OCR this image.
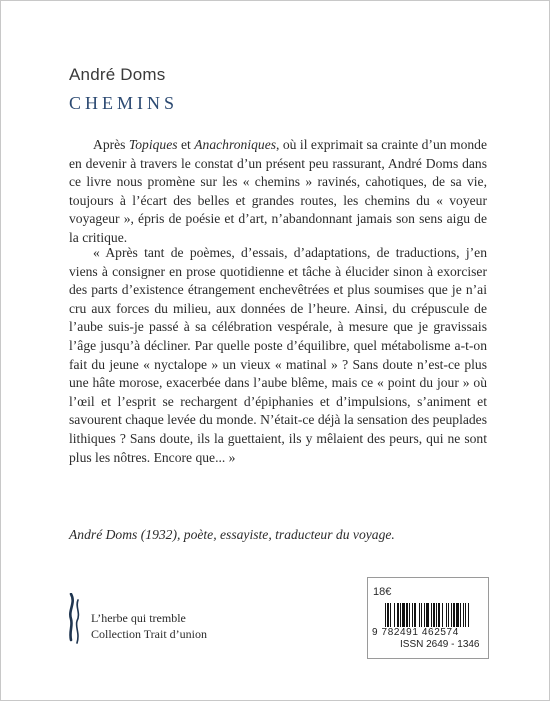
André Doms
CHEMINS

Après Topiques et Anachroniques, où il exprimait sa crainte d’un monde en devenir à travers le constat d’un présent peu rassurant, André Doms dans ce livre nous promène sur les « chemins » ravinés, cahotiques, de sa vie, toujours à l’écart des belles et grandes routes, les chemins du « voyeur voyageur », épris de poésie et d’art, n’abandonnant jamais son sens aigu de la critique.

« Après tant de poèmes, d’essais, d’adaptations, de traductions, j’en viens à consigner en prose quotidienne et tâche à élucider sinon à exorciser des parts d’existence étrangement enchevêtrées et plus soumises que je n’ai cru aux forces du milieu, aux données de l’heure. Ainsi, du crépuscule de l’aube suis-je passé à sa célébration vespérale, à mesure que je gravissais l’âge jusqu’à décliner. Par quelle poste d’équilibre, quel métabolisme a-t-on fait du jeune « nyctalope » un vieux « matinal » ? Sans doute n’est-ce plus une hâte morose, exacerbée dans l’aube blême, mais ce « point du jour » où l’œil et l’esprit se rechargent d’épiphanies et d’impulsions, s’animent et savourent chaque levée du monde. N’était-ce déjà la sensation des peuplades lithiques ? Sans doute, ils la guettaient, ils y mêlaient des peurs, qui ne sont plus les nôtres. Encore que... »

André Doms (1932), poète, essayiste, traducteur du voyage.

L’herbe qui tremble
Collection Trait d’union
18€
9 782491 462574
ISSN 2649 - 1346
